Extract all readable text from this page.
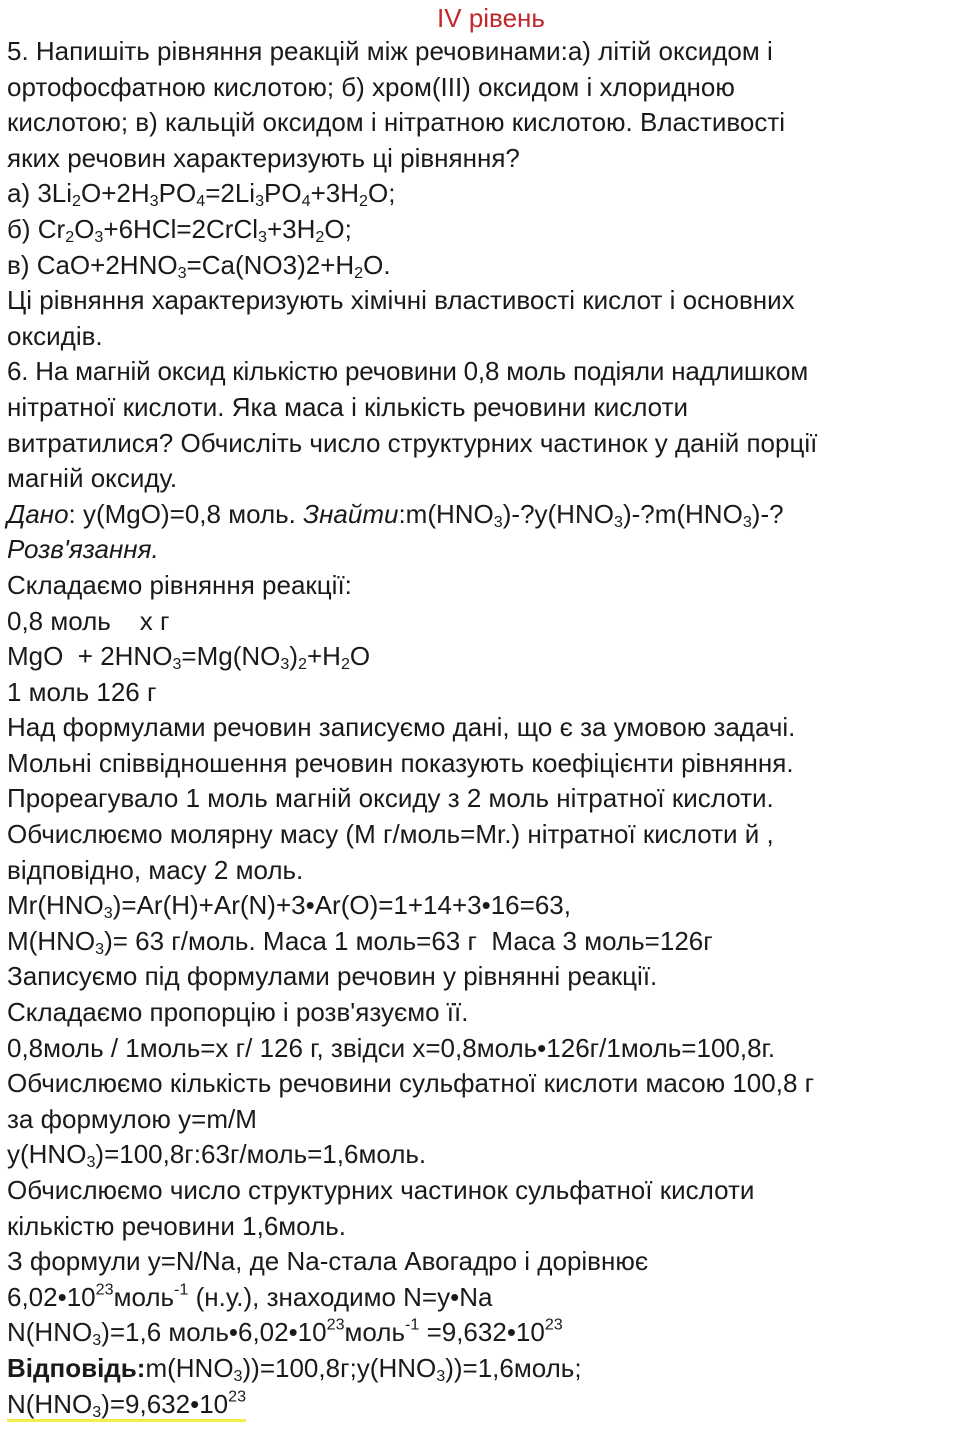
IV рівень

5. Напишіть рівняння реакцій між речовинами:а) літій оксидом і

ортофосфатною кислотою; б) хром(III) оксидом і хлоридною

кислотою; в) кальцій оксидом і нітратною кислотою. Властивості

яких речовин характеризують ці рівняння?

а) $3Li_2O+2H_3PO_4=2Li_3PO_4+3H_2O$;

б) $Cr_2O_3+6HCl=2CrCl_3+3H_2O$;

в) $CaO+2HNO_3=Ca(NO3)2+H_2O$.

Ці рівняння характеризують хімічні властивості кислот і основних

оксидів.

6. На магній оксид кількістю речовини 0,8 моль подіяли надлишком

нітратної кислоти. Яка маса і кількість речовини кислоти

витратилися? Обчисліть число структурних частинок у даній порції

магній оксиду.

Дано: y(MgO)=0,8 моль. $Знайти:m(HNO_3)-?y(HNO_3)-?m(HNO_3)-$?

Розв'язання.

Складаємо рівняння реакції:

0,8 моль    х г

MgO  + $2HNO_3=Mg(NO_3)_2+H_2O$

1 моль 126 г

Над формулами речовин записуємо дані, що є за умовою задачі.

Мольні співвідношення речовин показують коефіцієнти рівняння.

Прореагувало 1 моль магній оксиду з 2 моль нітратної кислоти.

Обчислюємо молярну масу (M г/моль=Mr.) нітратної кислоти й ,

відповідно, масу 2 моль.

$Mr(HNO_3)=Ar(H)+Ar(N)+3•Ar(O)=1+14+3•16=63$,

$M(HNO_3)= 63$ г/моль. Маса 1 моль=63 г  Маса 3 моль=126г

Записуємо під формулами речовин у рівнянні реакції.

Складаємо пропорцію і розв'язуємо її.

0,8моль / 1моль=х г/ 126 г, звідси х=0,8моль•126г/1моль=100,8г.

Обчислюємо кількість речовини сульфатної кислоти масою 100,8 г

за формулою y=m/M

$y(HNO_3)=100,8г:63г/моль=1,6моль$.

Обчислюємо число структурних частинок сульфатної кислоти

кількістю речовини 1,6моль.

З формули y=N/Na, де Na-стала Авогадро і дорівнює

$6,02•10^{23}моль^{-1}$ (н.у.), знаходимо N=y•Na

$N(HNO_3)=1,6$ $моль•6,02•10^{23}моль^{-1}$ $=9,632•10^{23}$

$Відповідь:m(HNO_3))=100,8г;y(HNO_3))=1,6моль$;

$N(HNO_3)=9,632•10^{23}$
